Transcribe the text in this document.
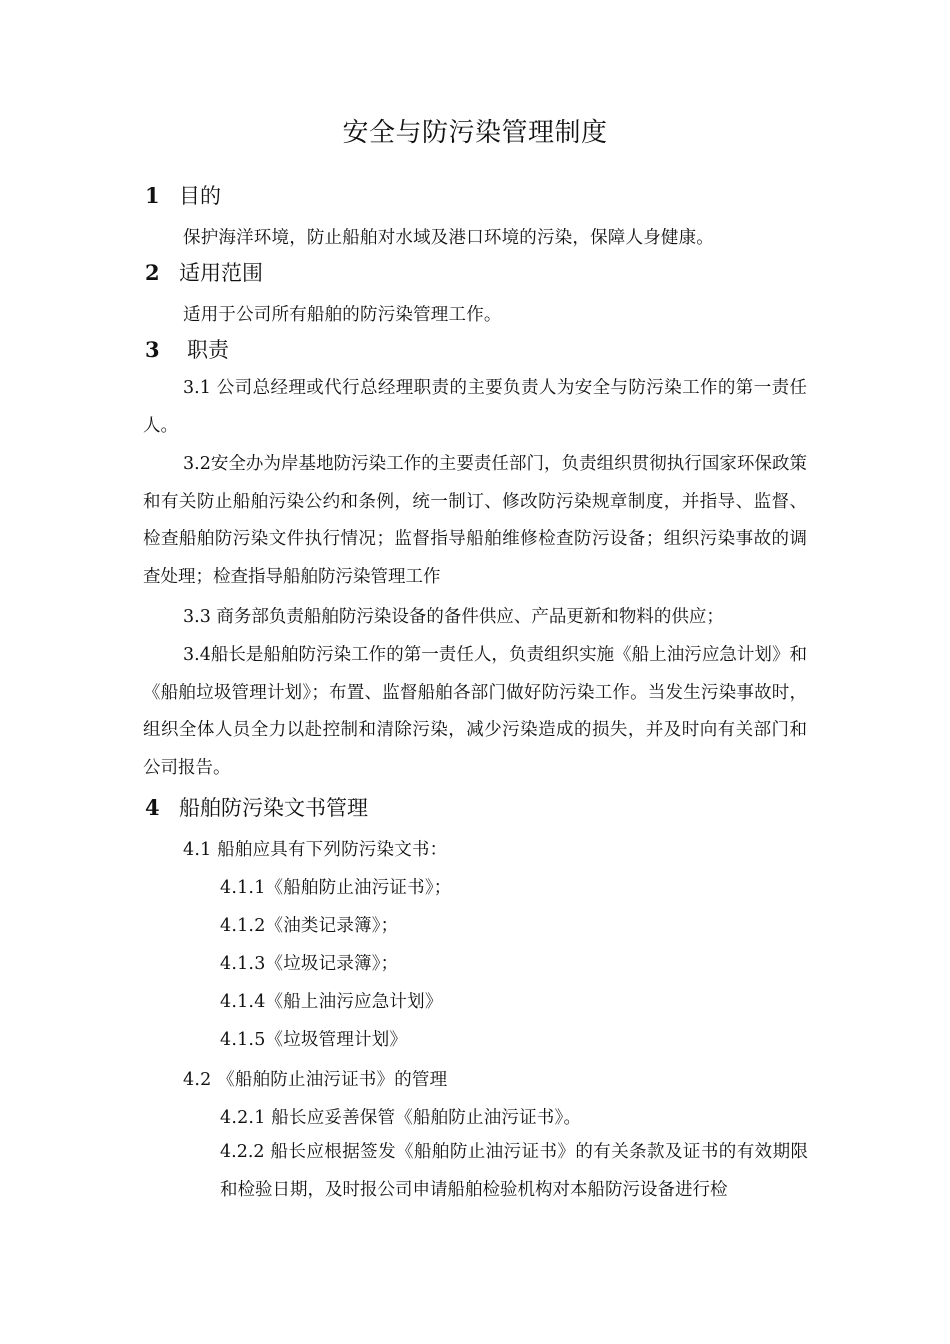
安全与防污染管理制度
1 目的
保护海洋环境，防止船舶对水域及港口环境的污染，保障人身健康。
2 适用范围
适用于公司所有船舶的防污染管理工作。
3 职责
3.1 公司总经理或代行总经理职责的主要负责人为安全与防污染工作的第一责任人。
3.2安全办为岸基地防污染工作的主要责任部门，负责组织贯彻执行国家环保政策和有关防止船舶污染公约和条例，统一制订、修改防污染规章制度，并指导、监督、检查船舶防污染文件执行情况；监督指导船舶维修检查防污设备；组织污染事故的调查处理；检查指导船舶防污染管理工作
3.3 商务部负责船舶防污染设备的备件供应、产品更新和物料的供应；
3.4船长是船舶防污染工作的第一责任人，负责组织实施《船上油污应急计划》和《船舶垃圾管理计划》；布置、监督船舶各部门做好防污染工作。当发生污染事故时，组织全体人员全力以赴控制和清除污染，减少污染造成的损失，并及时向有关部门和公司报告。
4 船舶防污染文书管理
4.1 船舶应具有下列防污染文书：
4.1.1《船舶防止油污证书》；
4.1.2《油类记录簿》；
4.1.3《垃圾记录簿》；
4.1.4《船上油污应急计划》
4.1.5《垃圾管理计划》
4.2 《船舶防止油污证书》的管理
4.2.1 船长应妥善保管《船舶防止油污证书》。
4.2.2 船长应根据签发《船舶防止油污证书》的有关条款及证书的有效期限和检验日期，及时报公司申请船舶检验机构对本船防污设备进行检
